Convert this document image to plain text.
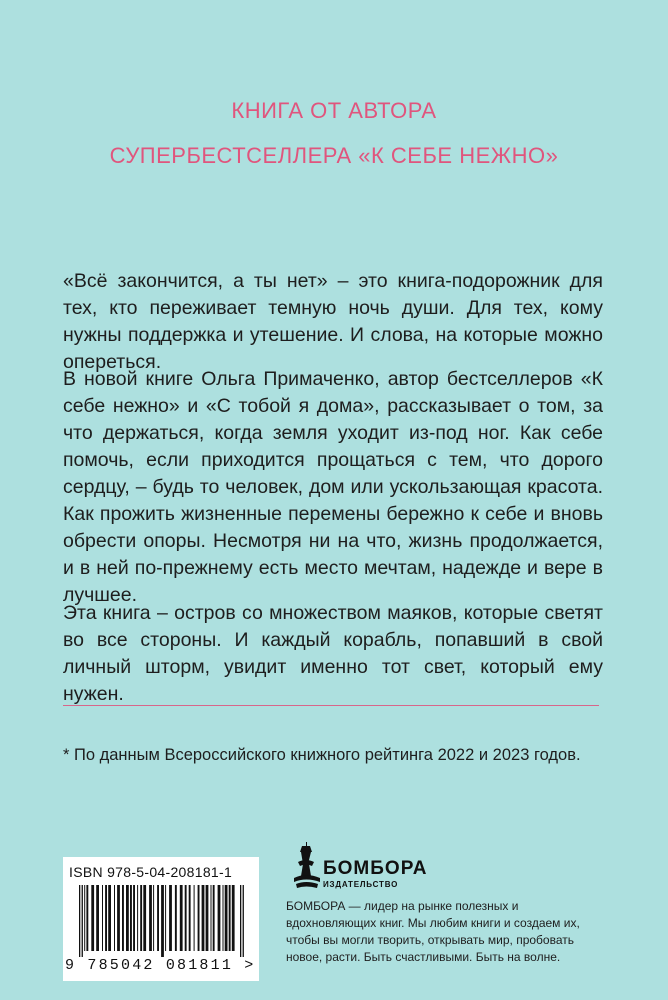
КНИГА ОТ АВТОРА
СУПЕРБЕСТСЕЛЛЕРА «К СЕБЕ НЕЖНО»

«Всё закончится, а ты нет» – это книга-подорожник для тех, кто переживает темную ночь души. Для тех, кому нужны поддержка и утешение. И слова, на которые можно опереться.

В новой книге Ольга Примаченко, автор бестселлеров «К себе нежно» и «С тобой я дома», рассказывает о том, за что держаться, когда земля уходит из-под ног. Как себе помочь, если приходится прощаться с тем, что дорого сердцу, – будь то человек, дом или ускользающая красота. Как прожить жизненные перемены бережно к себе и вновь обрести опоры. Несмотря ни на что, жизнь продолжается, и в ней по-прежнему есть место мечтам, надежде и вере в лучшее.

Эта книга – остров со множеством маяков, которые светят во все стороны. И каждый корабль, попавший в свой личный шторм, увидит именно тот свет, который ему нужен.

* По данным Всероссийского книжного рейтинга 2022 и 2023 годов.
ISBN 978-5-04-208181-1
9 785042 081811 >
БОМБОРА
ИЗДАТЕЛЬСТВО
БОМБОРА — лидер на рынке полезных и вдохновляющих книг. Мы любим книги и создаем их, чтобы вы могли творить, открывать мир, пробовать новое, расти. Быть счастливыми. Быть на волне.
